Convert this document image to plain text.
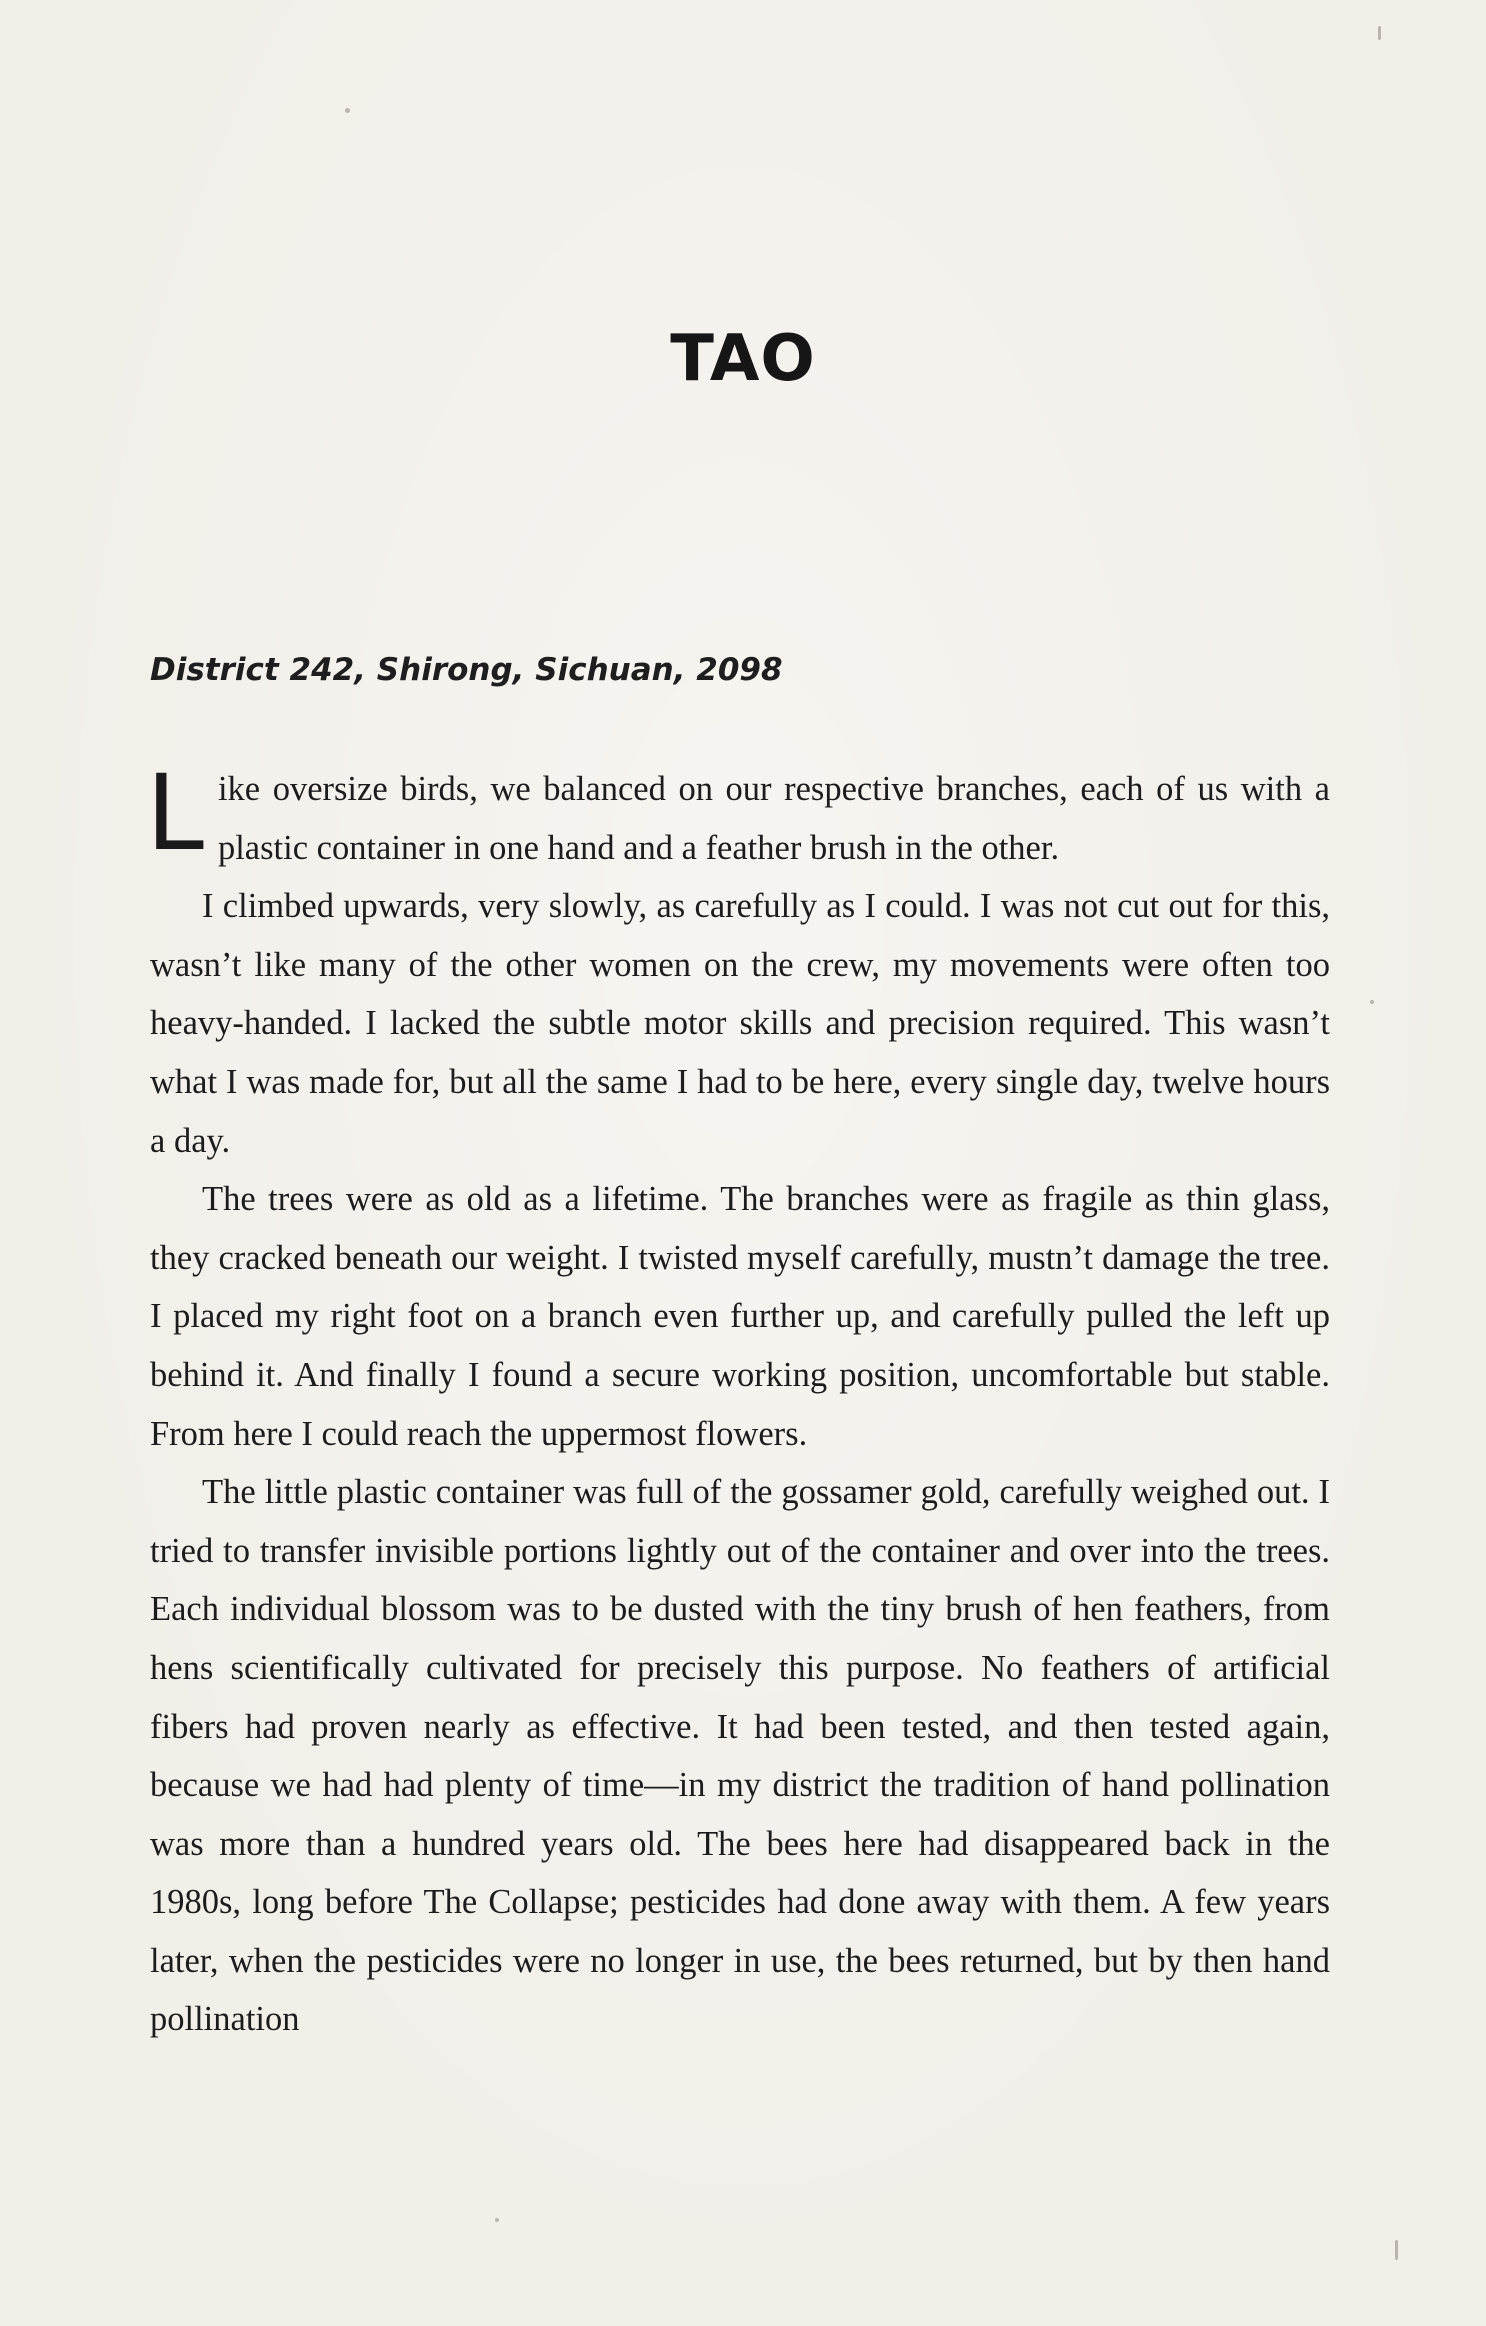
TAO

District 242, Shirong, Sichuan, 2098

Like oversize birds, we balanced on our respective branches, each of us with a plastic container in one hand and a feather brush in the other.

I climbed upwards, very slowly, as carefully as I could. I was not cut out for this, wasn’t like many of the other women on the crew, my movements were often too heavy-handed. I lacked the subtle motor skills and precision required. This wasn’t what I was made for, but all the same I had to be here, every single day, twelve hours a day.

The trees were as old as a lifetime. The branches were as fragile as thin glass, they cracked beneath our weight. I twisted myself carefully, mustn’t damage the tree. I placed my right foot on a branch even further up, and carefully pulled the left up behind it. And finally I found a secure working position, uncomfortable but stable. From here I could reach the uppermost flowers.

The little plastic container was full of the gossamer gold, carefully weighed out. I tried to transfer invisible portions lightly out of the container and over into the trees. Each individual blossom was to be dusted with the tiny brush of hen feathers, from hens scientifically cultivated for precisely this purpose. No feathers of artificial fibers had proven nearly as effective. It had been tested, and then tested again, because we had had plenty of time—in my district the tradition of hand pollination was more than a hundred years old. The bees here had disappeared back in the 1980s, long before The Collapse; pesticides had done away with them. A few years later, when the pesticides were no longer in use, the bees returned, but by then hand pollination
